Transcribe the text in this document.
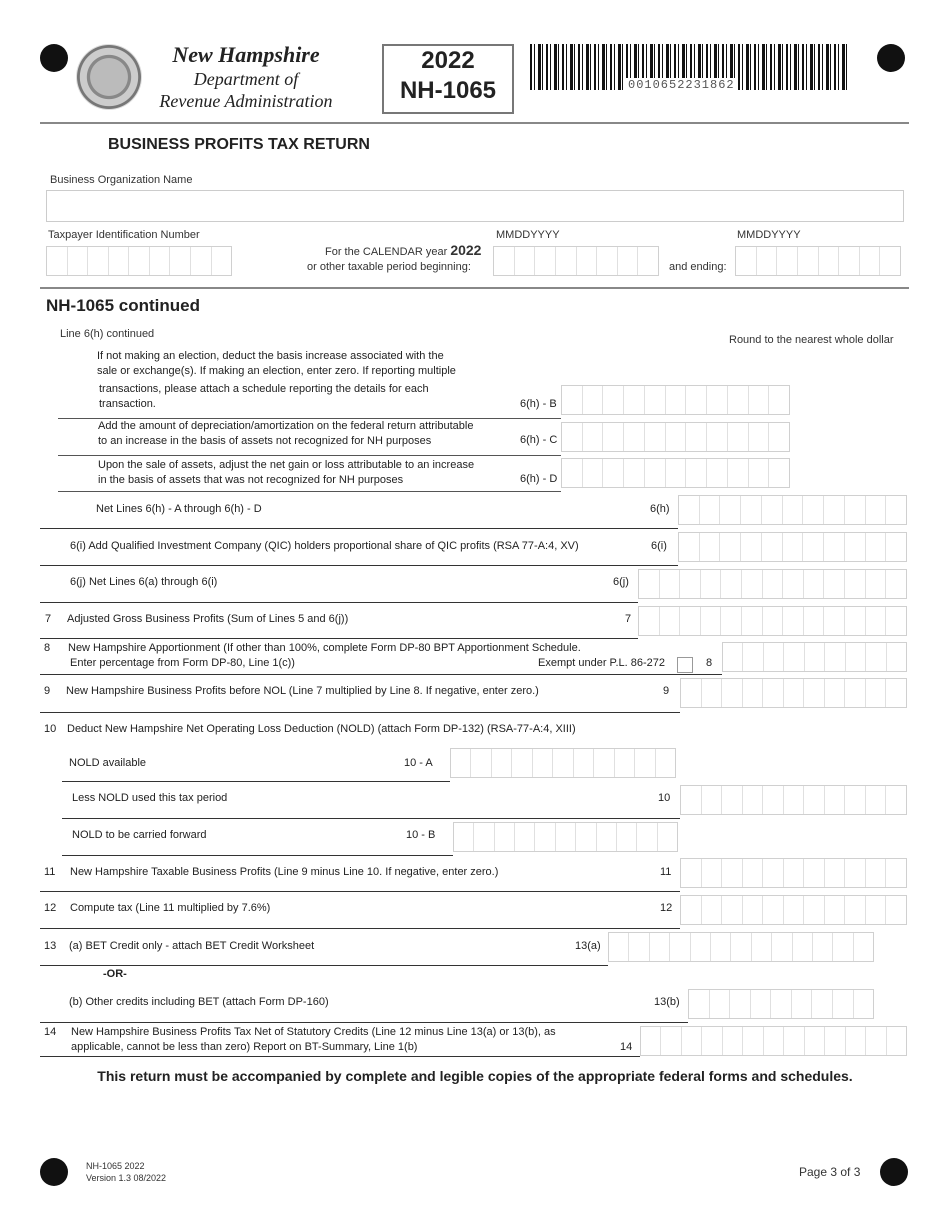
New Hampshire
Department of
Revenue Administration
2022
NH-1065	0010652231862
BUSINESS PROFITS TAX RETURN
Business Organization Name
Taxpayer Identification Number
For the CALENDAR year 2022
or other taxable period beginning:
MMDDYYYY
and ending:
MMDDYYYY
NH-1065 continued
Line 6(h) continued	Round to the nearest whole dollar
If not making an election, deduct the basis increase associated with the
sale or exchange(s). If making an election, enter zero. If reporting multiple
transactions, please attach a schedule reporting the details for each
transaction.	6(h) - B
Add the amount of depreciation/amortization on the federal return attributable
to an increase in the basis of assets not recognized for NH purposes	6(h) - C
Upon the sale of assets, adjust the net gain or loss attributable to an increase
in the basis of assets that was not recognized for NH purposes	6(h) - D
Net Lines 6(h) - A through 6(h) - D	6(h)
6(i) Add Qualified Investment Company (QIC) holders proportional share of QIC profits (RSA 77-A:4, XV)	6(i)
6(j) Net Lines 6(a) through 6(i)	6(j)
7 Adjusted Gross Business Profits (Sum of Lines 5 and 6(j))	7
8 New Hampshire Apportionment (If other than 100%, complete Form DP-80 BPT Apportionment Schedule.
Enter percentage from Form DP-80, Line 1(c))	Exempt under P.L. 86-272	8
9 New Hampshire Business Profits before NOL (Line 7 multiplied by Line 8. If negative, enter zero.)	9
10 Deduct New Hampshire Net Operating Loss Deduction (NOLD) (attach Form DP-132) (RSA-77-A:4, XIII)
NOLD available	10 - A
Less NOLD used this tax period	10
NOLD to be carried forward	10 - B
11 New Hampshire Taxable Business Profits (Line 9 minus Line 10. If negative, enter zero.)	11
12 Compute tax (Line 11 multiplied by 7.6%)	12
13 (a) BET Credit only - attach BET Credit Worksheet	13(a)
-OR-
(b) Other credits including BET (attach Form DP-160)	13(b)
14 New Hampshire Business Profits Tax Net of Statutory Credits (Line 12 minus Line 13(a) or 13(b), as
applicable, cannot be less than zero) Report on BT-Summary, Line 1(b)	14
This return must be accompanied by complete and legible copies of the appropriate federal forms and schedules.
NH-1065 2022
Version 1.3 08/2022	Page 3 of 3
